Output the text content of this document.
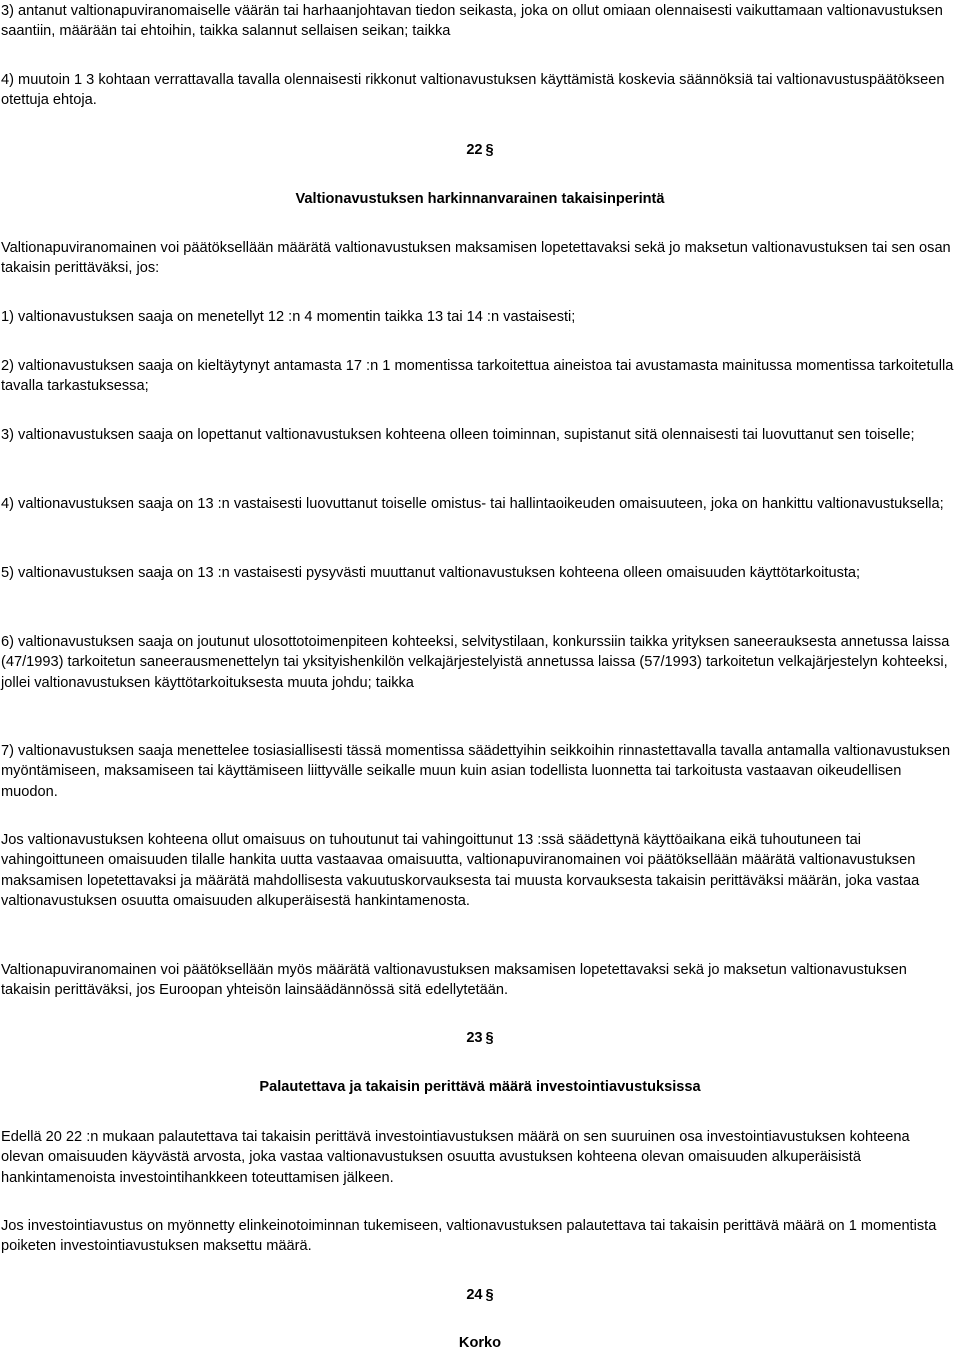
3) antanut valtionapuviranomaiselle väärän tai harhaanjohtavan tiedon seikasta, joka on ollut omiaan olennaisesti vaikuttamaan valtionavustuksen saantiin, määrään tai ehtoihin, taikka salannut sellaisen seikan; taikka

4) muutoin 1 3 kohtaan verrattavalla tavalla olennaisesti rikkonut valtionavustuksen käyttämistä koskevia säännöksiä tai valtionavustuspäätökseen otettuja ehtoja.

22 §
Valtionavustuksen harkinnanvarainen takaisinperintä

Valtionapuviranomainen voi päätöksellään määrätä valtionavustuksen maksamisen lopetettavaksi sekä jo maksetun valtionavustuksen tai sen osan takaisin perittäväksi, jos:

1) valtionavustuksen saaja on menetellyt 12 :n 4 momentin taikka 13 tai 14 :n vastaisesti;

2) valtionavustuksen saaja on kieltäytynyt antamasta 17 :n 1 momentissa tarkoitettua aineistoa tai avustamasta mainitussa momentissa tarkoitetulla tavalla tarkastuksessa;

3) valtionavustuksen saaja on lopettanut valtionavustuksen kohteena olleen toiminnan, supistanut sitä olennaisesti tai luovuttanut sen toiselle;

4) valtionavustuksen saaja on 13 :n vastaisesti luovuttanut toiselle omistus- tai hallintaoikeuden omaisuuteen, joka on hankittu valtionavustuksella;

5) valtionavustuksen saaja on 13 :n vastaisesti pysyvästi muuttanut valtionavustuksen kohteena olleen omaisuuden käyttötarkoitusta;

6) valtionavustuksen saaja on joutunut ulosottotoimenpiteen kohteeksi, selvitystilaan, konkurssiin taikka yrityksen saneerauksesta annetussa laissa (47/1993) tarkoitetun saneerausmenettelyn tai yksityishenkilön velkajärjestelyistä annetussa laissa (57/1993) tarkoitetun velkajärjestelyn kohteeksi, jollei valtionavustuksen käyttötarkoituksesta muuta johdu; taikka

7) valtionavustuksen saaja menettelee tosiasiallisesti tässä momentissa säädettyihin seikkoihin rinnastettavalla tavalla antamalla valtionavustuksen myöntämiseen, maksamiseen tai käyttämiseen liittyvälle seikalle muun kuin asian todellista luonnetta tai tarkoitusta vastaavan oikeudellisen muodon.

Jos valtionavustuksen kohteena ollut omaisuus on tuhoutunut tai vahingoittunut 13 :ssä säädettynä käyttöaikana eikä tuhoutuneen tai vahingoittuneen omaisuuden tilalle hankita uutta vastaavaa omaisuutta, valtionapuviranomainen voi päätöksellään määrätä valtionavustuksen maksamisen lopetettavaksi ja määrätä mahdollisesta vakuutuskorvauksesta tai muusta korvauksesta takaisin perittäväksi määrän, joka vastaa valtionavustuksen osuutta omaisuuden alkuperäisestä hankintamenosta.

Valtionapuviranomainen voi päätöksellään myös määrätä valtionavustuksen maksamisen lopetettavaksi sekä jo maksetun valtionavustuksen takaisin perittäväksi, jos Euroopan yhteisön lainsäädännössä sitä edellytetään.

23 §
Palautettava ja takaisin perittävä määrä investointiavustuksissa

Edellä 20 22 :n mukaan palautettava tai takaisin perittävä investointiavustuksen määrä on sen suuruinen osa investointiavustuksen kohteena olevan omaisuuden käyvästä arvosta, joka vastaa valtionavustuksen osuutta avustuksen kohteena olevan omaisuuden alkuperäisistä hankintamenoista investointihankkeen toteuttamisen jälkeen.

Jos investointiavustus on myönnetty elinkeinotoiminnan tukemiseen, valtionavustuksen palautettava tai takaisin perittävä määrä on 1 momentista poiketen investointiavustuksen maksettu määrä.

24 §
Korko
